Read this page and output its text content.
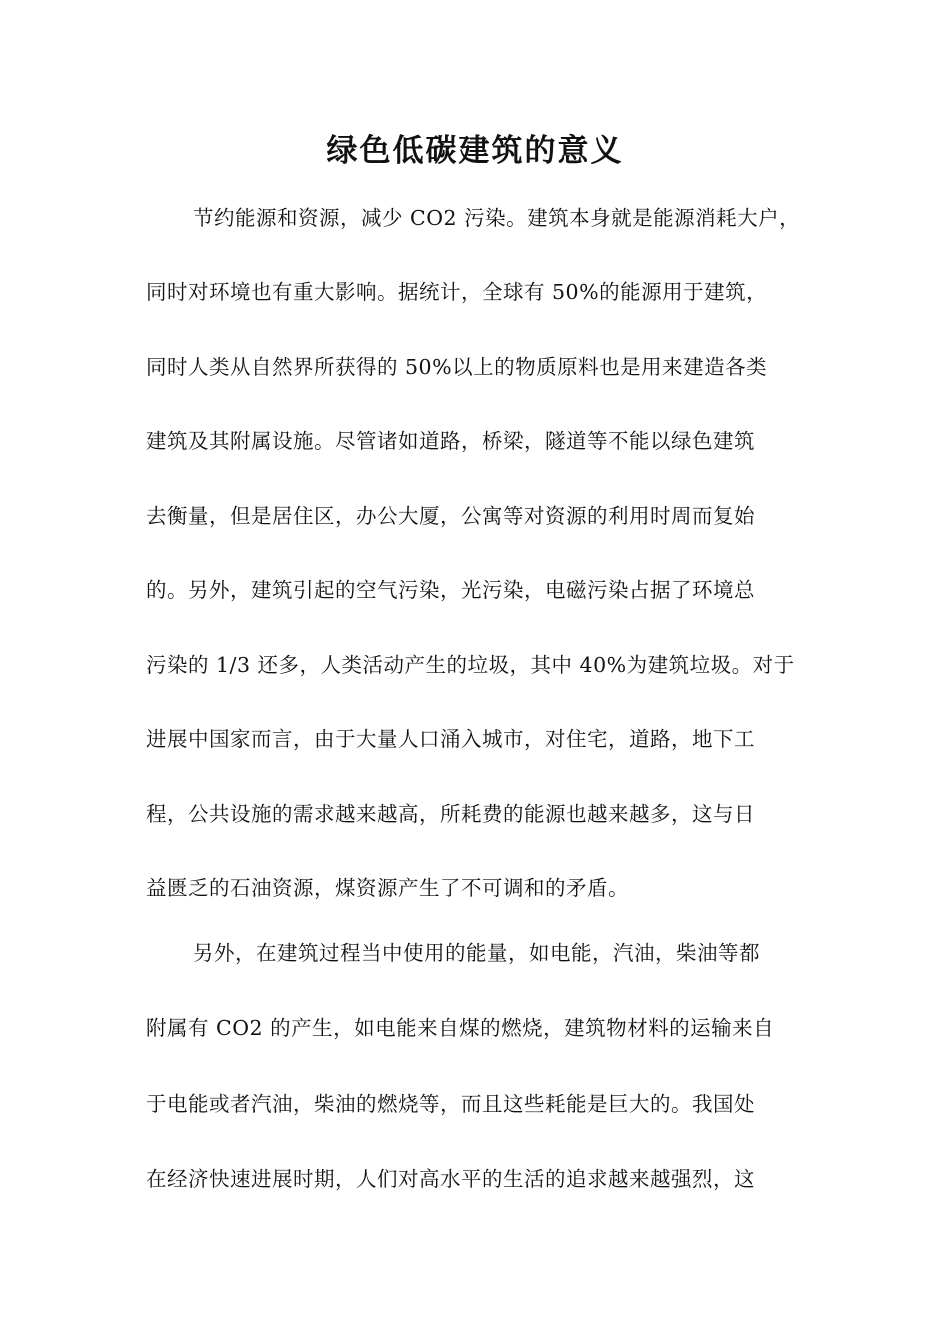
绿色低碳建筑的意义

节约能源和资源，减少 CO2 污染。建筑本身就是能源消耗大户，

同时对环境也有重大影响。据统计，全球有 50%的能源用于建筑，

同时人类从自然界所获得的 50%以上的物质原料也是用来建造各类

建筑及其附属设施。尽管诸如道路，桥梁，隧道等不能以绿色建筑

去衡量，但是居住区，办公大厦，公寓等对资源的利用时周而复始

的。另外，建筑引起的空气污染，光污染，电磁污染占据了环境总

污染的 1/3 还多，人类活动产生的垃圾，其中 40%为建筑垃圾。对于

进展中国家而言，由于大量人口涌入城市，对住宅，道路，地下工

程，公共设施的需求越来越高，所耗费的能源也越来越多，这与日

益匮乏的石油资源，煤资源产生了不可调和的矛盾。

另外，在建筑过程当中使用的能量，如电能，汽油，柴油等都

附属有 CO2 的产生，如电能来自煤的燃烧，建筑物材料的运输来自

于电能或者汽油，柴油的燃烧等，而且这些耗能是巨大的。我国处

在经济快速进展时期，人们对高水平的生活的追求越来越强烈，这
